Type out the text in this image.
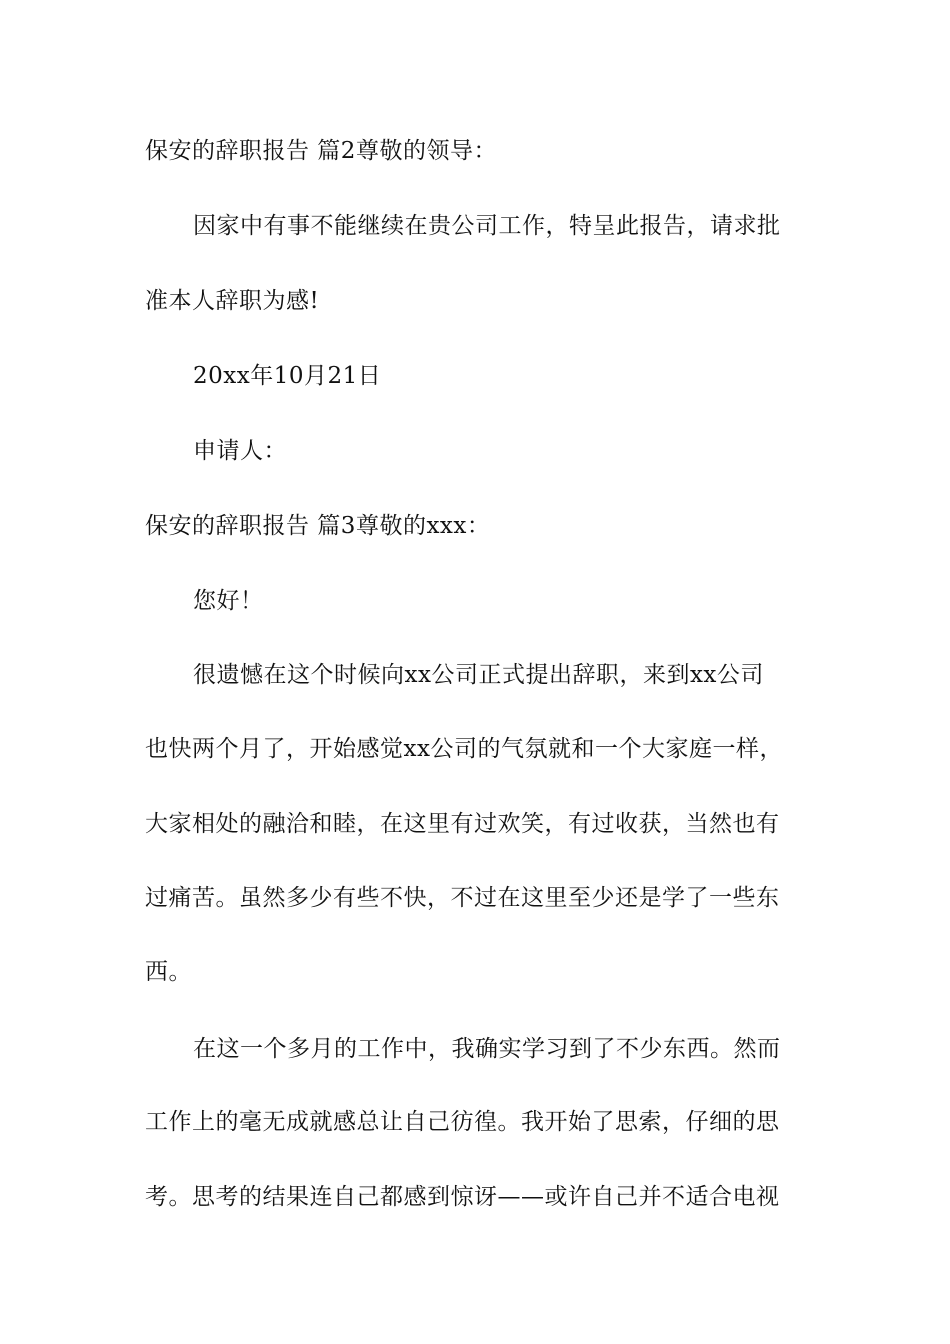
保安的辞职报告 篇2尊敬的领导：
因家中有事不能继续在贵公司工作，特呈此报告，请求批
准本人辞职为感!
20xx年10月21日
申请人：
保安的辞职报告 篇3尊敬的xxx：
您好！
很遗憾在这个时候向xx公司正式提出辞职，来到xx公司
也快两个月了，开始感觉xx公司的气氛就和一个大家庭一样，
大家相处的融洽和睦，在这里有过欢笑，有过收获，当然也有
过痛苦。虽然多少有些不快，不过在这里至少还是学了一些东
西。
在这一个多月的工作中，我确实学习到了不少东西。然而
工作上的毫无成就感总让自己彷徨。我开始了思索，仔细的思
考。思考的结果连自己都感到惊讶——或许自己并不适合电视
